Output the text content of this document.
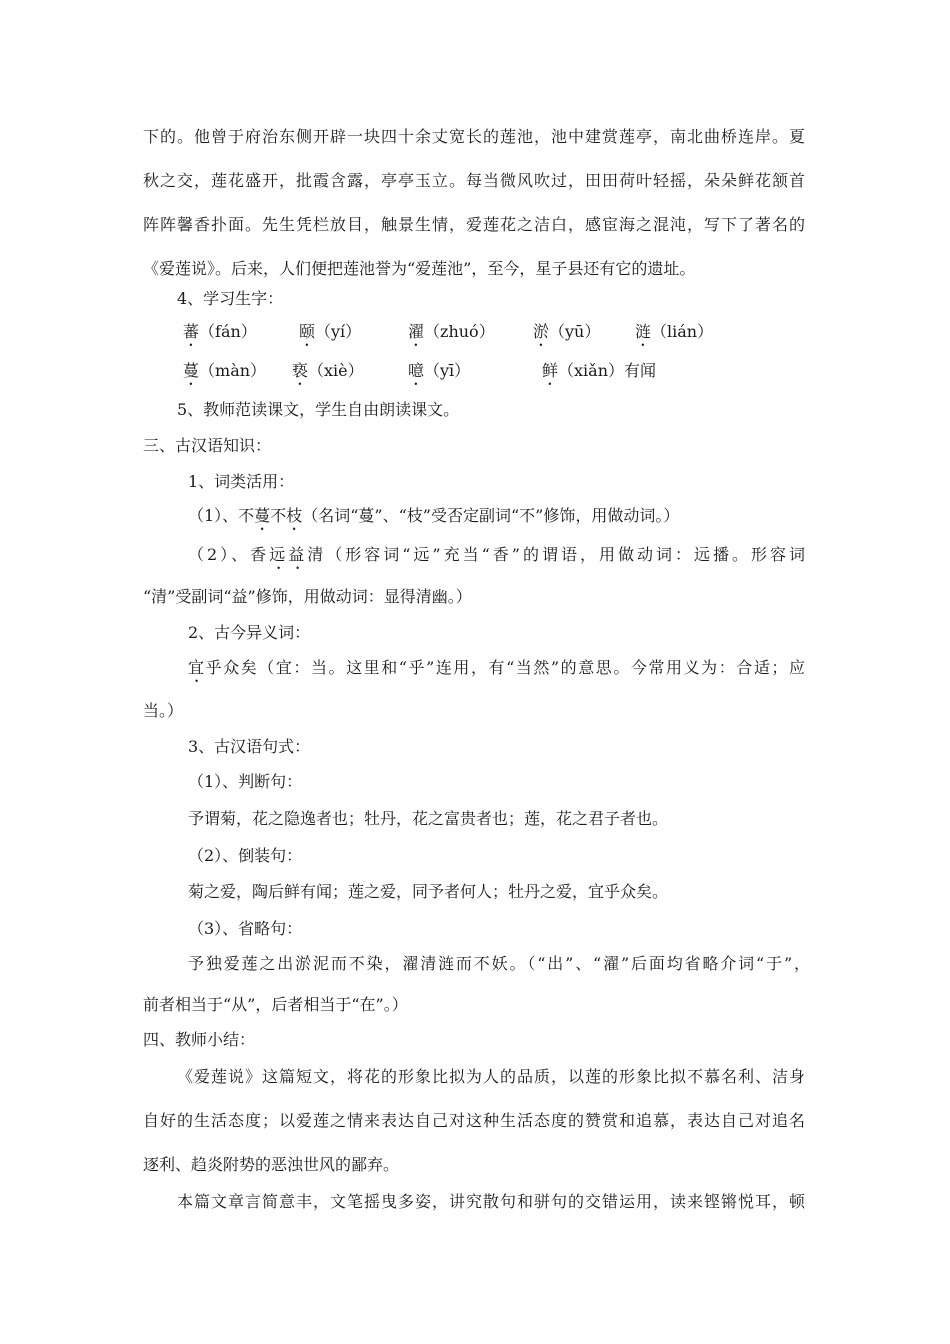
下的。他曾于府治东侧开辟一块四十余丈宽长的莲池，池中建赏莲亭，南北曲桥连岸。夏
秋之交，莲花盛开，批霞含露，亭亭玉立。每当微风吹过，田田荷叶轻摇，朵朵鲜花颔首
阵阵馨香扑面。先生凭栏放目，触景生情，爱莲花之洁白，感宦海之混沌，写下了著名的
《爱莲说》。后来，人们便把莲池誉为“爱莲池”，至今，星子县还有它的遗址。
4、学习生字：
蕃（fán）	颐（yí）	濯（zhuó） 淤（yū） 涟（lián）
蔓（màn） 亵（xiè）	噫（yī）	鲜（xiǎn）有闻
5、教师范读课文，学生自由朗读课文。
三、古汉语知识：
1、词类活用：
（1）、不蔓不枝（名词“蔓”、“枝”受否定副词“不”修饰，用做动词。）
（2）、香远益清（形容词“远”充当“香”的谓语，用做动词：远播。形容词
“清”受副词“益”修饰，用做动词：显得清幽。）
2、古今异义词：
宜乎众矣（宜：当。这里和“乎”连用，有“当然”的意思。今常用义为：合适；应
当。）
3、古汉语句式：
（1）、判断句：
予谓菊，花之隐逸者也；牡丹，花之富贵者也；莲，花之君子者也。
（2）、倒装句：
菊之爱，陶后鲜有闻；莲之爱，同予者何人；牡丹之爱，宜乎众矣。
（3）、省略句：
予独爱莲之出淤泥而不染，濯清涟而不妖。（“出”、“濯”后面均省略介词“于”，
前者相当于“从”，后者相当于“在”。）
四、教师小结：
《爱莲说》这篇短文，将花的形象比拟为人的品质，以莲的形象比拟不慕名利、洁身
自好的生活态度；以爱莲之情来表达自己对这种生活态度的赞赏和追慕，表达自己对追名
逐利、趋炎附势的恶浊世风的鄙弃。
本篇文章言简意丰，文笔摇曳多姿，讲究散句和骈句的交错运用，读来铿锵悦耳，顿
